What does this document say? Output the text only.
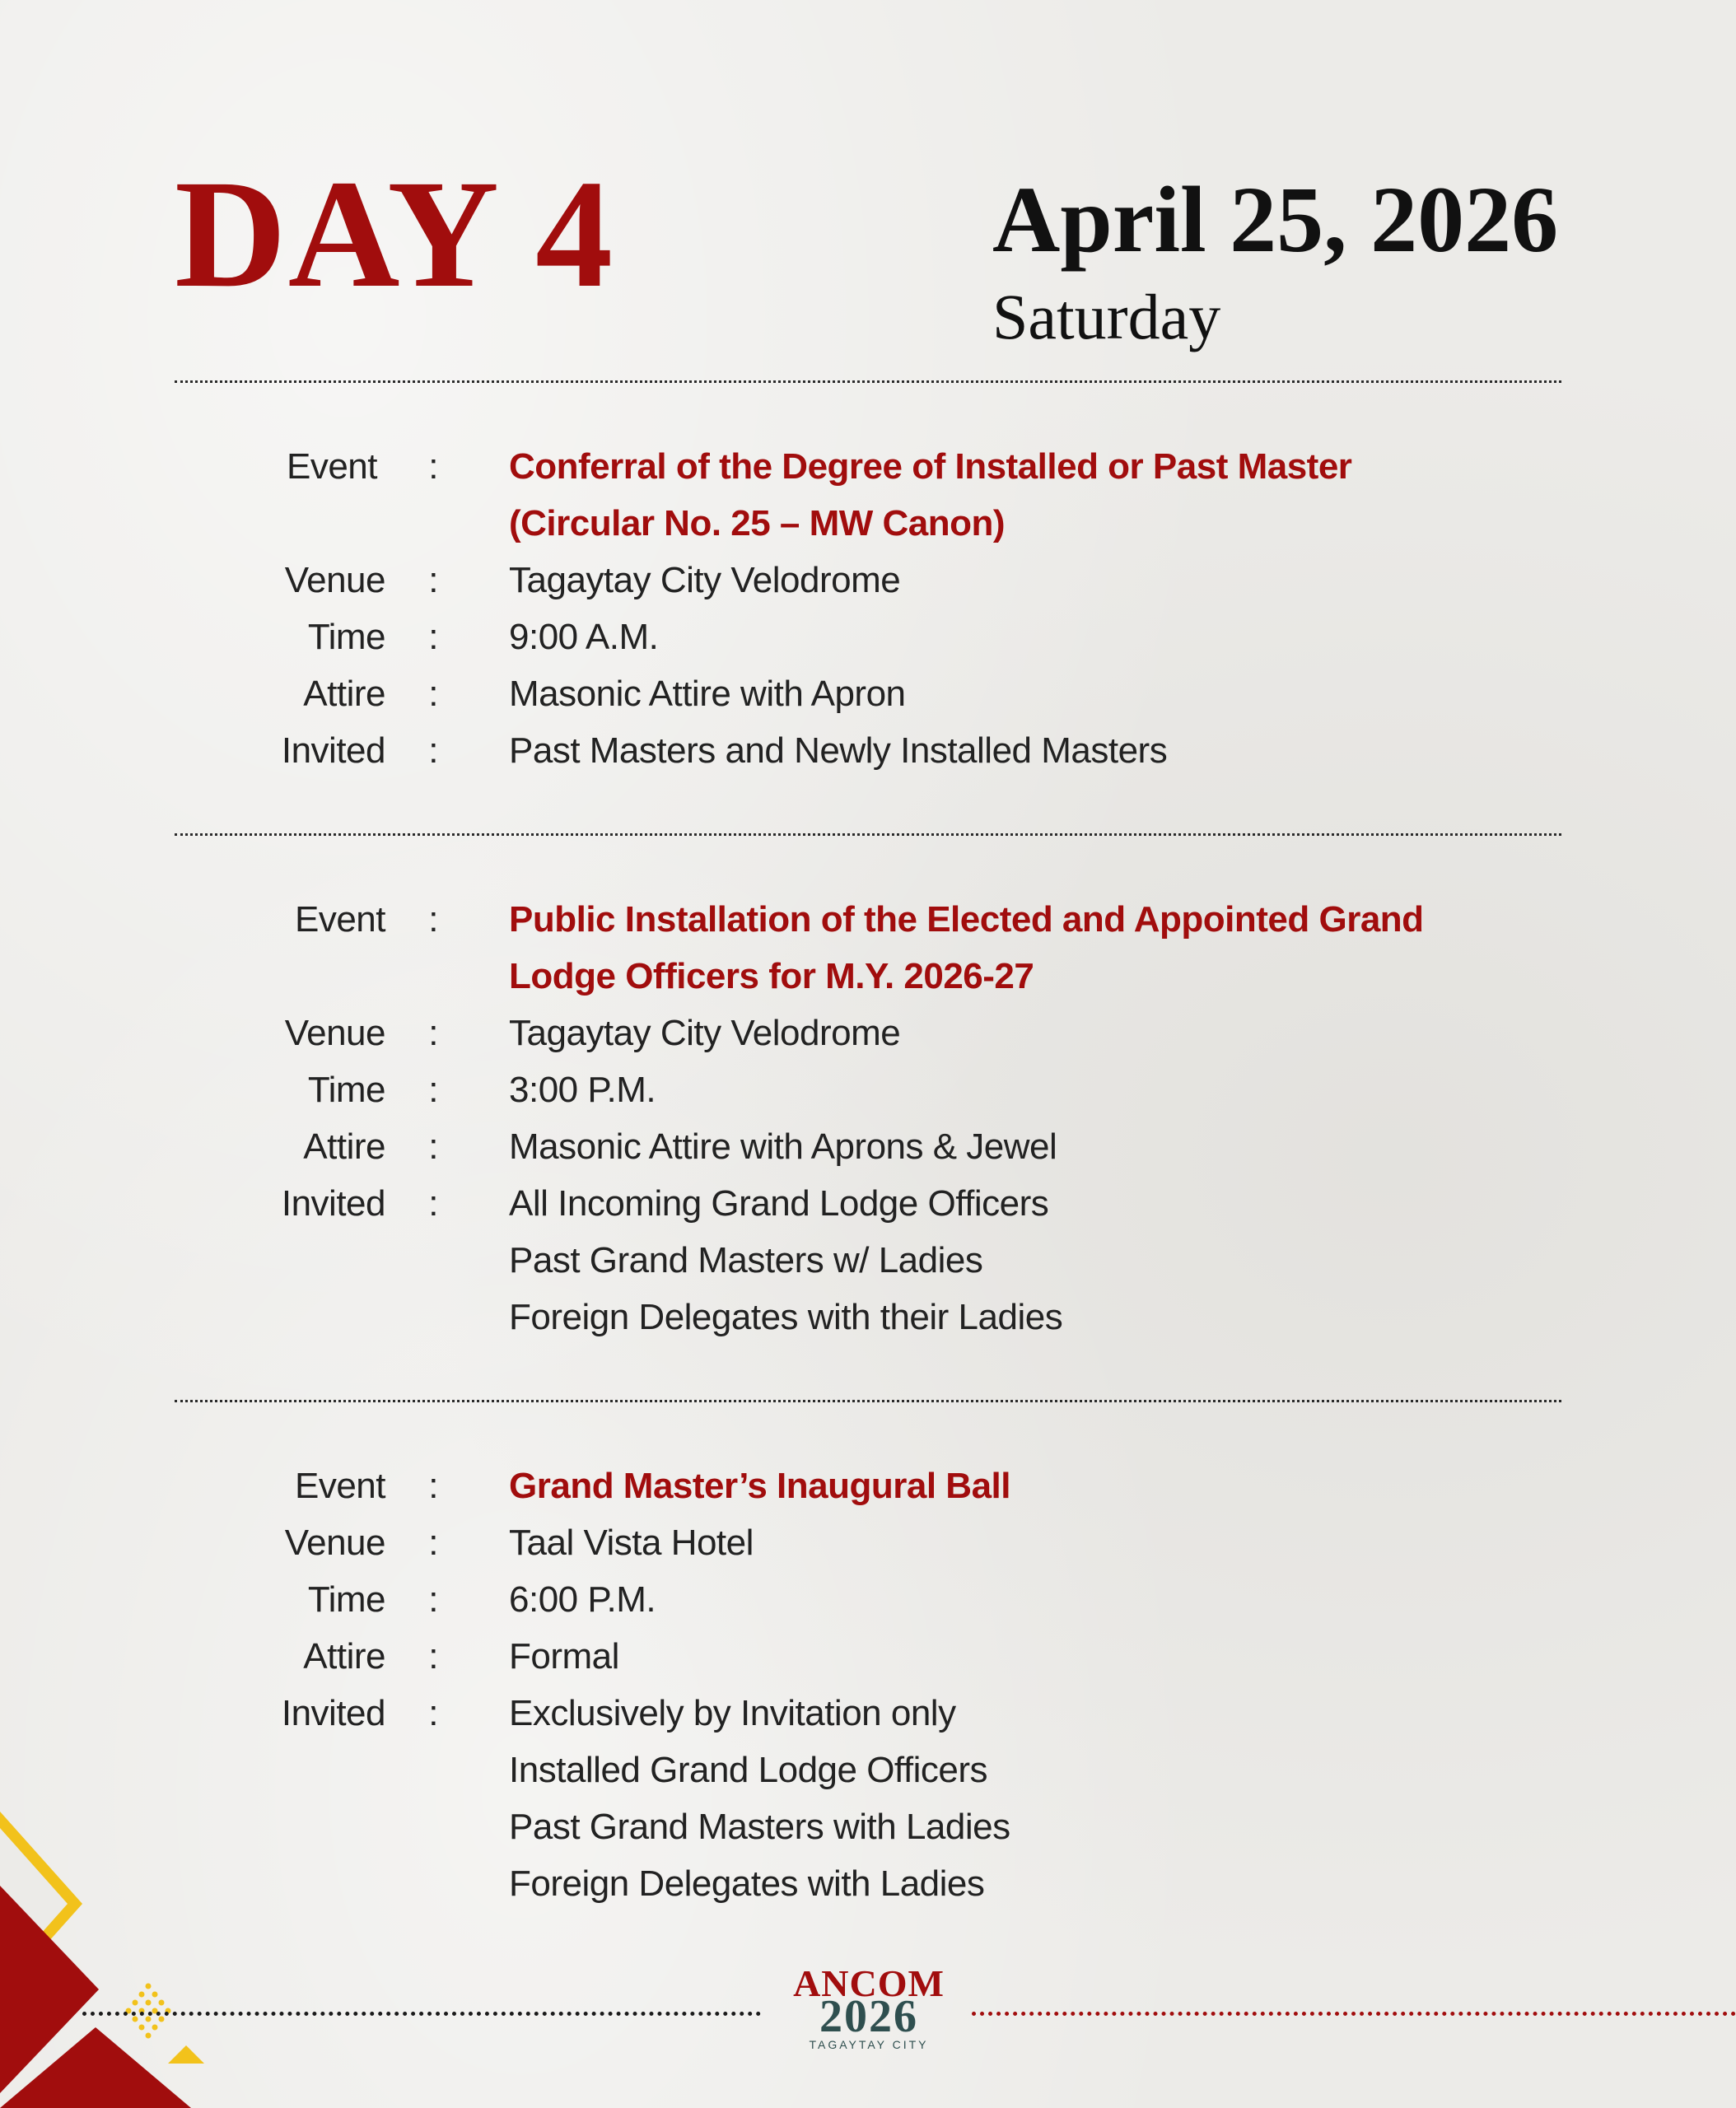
DAY 4	April 25, 2026
Saturday
Event	: Conferral of the Degree of Installed or Past Master
(Circular No. 25 – MW Canon)
Venue	: Tagaytay City Velodrome
Time	: 9:00 A.M.
Attire	: Masonic Attire with Apron
Invited	: Past Masters and Newly Installed Masters
Event	: Public Installation of the Elected and Appointed Grand
Lodge Officers for M.Y. 2026-27
Venue	: Tagaytay City Velodrome
Time	: 3:00 P.M.
Attire	: Masonic Attire with Aprons & Jewel
Invited	: All Incoming Grand Lodge Officers
Past Grand Masters w/ Ladies
Foreign Delegates with their Ladies
Event	: Grand Master’s Inaugural Ball
Venue	: Taal Vista Hotel
Time	: 6:00 P.M.
Attire	: Formal
Invited	: Exclusively by Invitation only
Installed Grand Lodge Officers
Past Grand Masters with Ladies
Foreign Delegates with Ladies
ANCOM
2026
TAGAYTAY CITY
